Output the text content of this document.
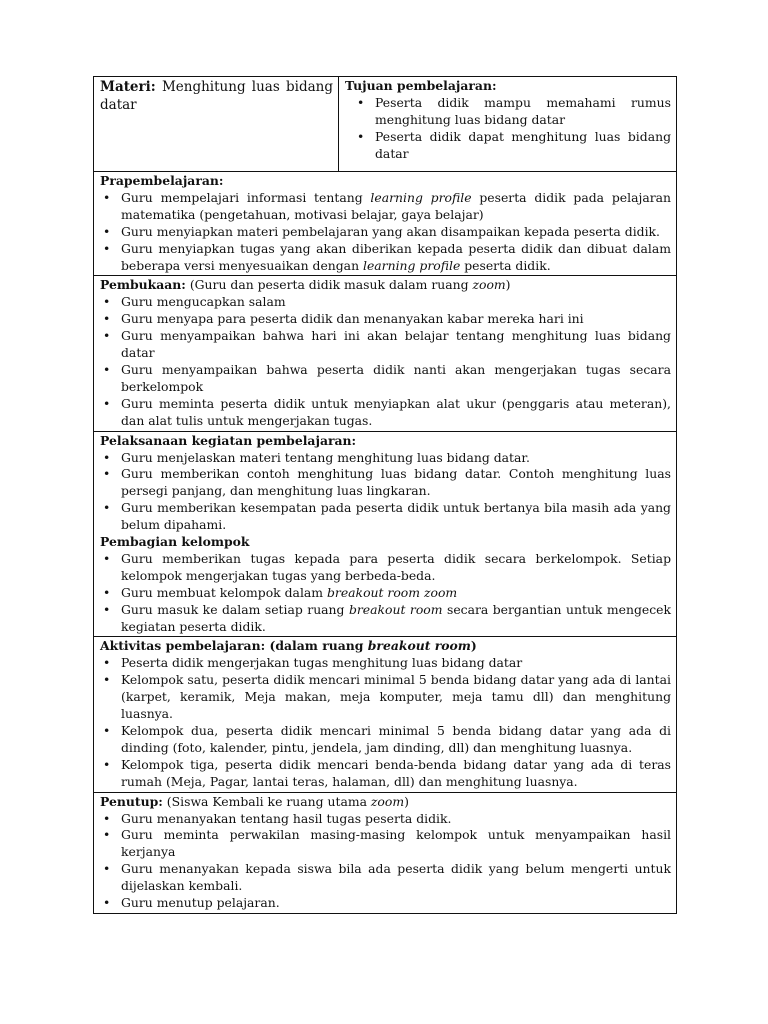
Materi: Menghitung luas bidang datar

Tujuan pembelajaran:
• Peserta didik mampu memahami rumus menghitung luas bidang datar
• Peserta didik dapat menghitung luas bidang datar

Prapembelajaran:
• Guru mempelajari informasi tentang learning profile peserta didik pada pelajaran matematika (pengetahuan, motivasi belajar, gaya belajar)
• Guru menyiapkan materi pembelajaran yang akan disampaikan kepada peserta didik.
• Guru menyiapkan tugas yang akan diberikan kepada peserta didik dan dibuat dalam beberapa versi menyesuaikan dengan learning profile peserta didik.

Pembukaan: (Guru dan peserta didik masuk dalam ruang zoom)
• Guru mengucapkan salam
• Guru menyapa para peserta didik dan menanyakan kabar mereka hari ini
• Guru menyampaikan bahwa hari ini akan belajar tentang menghitung luas bidang datar
• Guru menyampaikan bahwa peserta didik nanti akan mengerjakan tugas secara berkelompok
• Guru meminta peserta didik untuk menyiapkan alat ukur (penggaris atau meteran), dan alat tulis untuk mengerjakan tugas.

Pelaksanaan kegiatan pembelajaran:
• Guru menjelaskan materi tentang menghitung luas bidang datar.
• Guru memberikan contoh menghitung luas bidang datar. Contoh menghitung luas persegi panjang, dan menghitung luas lingkaran.
• Guru memberikan kesempatan pada peserta didik untuk bertanya bila masih ada yang belum dipahami.
Pembagian kelompok
• Guru memberikan tugas kepada para peserta didik secara berkelompok. Setiap kelompok mengerjakan tugas yang berbeda-beda.
• Guru membuat kelompok dalam breakout room zoom
• Guru masuk ke dalam setiap ruang breakout room secara bergantian untuk mengecek kegiatan peserta didik.

Aktivitas pembelajaran: (dalam ruang breakout room)
• Peserta didik mengerjakan tugas menghitung luas bidang datar
• Kelompok satu, peserta didik mencari minimal 5 benda bidang datar yang ada di lantai (karpet, keramik, Meja makan, meja komputer, meja tamu dll) dan menghitung luasnya.
• Kelompok dua, peserta didik mencari minimal 5 benda bidang datar yang ada di dinding (foto, kalender, pintu, jendela, jam dinding, dll) dan menghitung luasnya.
• Kelompok tiga, peserta didik mencari benda-benda bidang datar yang ada di teras rumah (Meja, Pagar, lantai teras, halaman, dll) dan menghitung luasnya.

Penutup: (Siswa Kembali ke ruang utama zoom)
• Guru menanyakan tentang hasil tugas peserta didik.
• Guru meminta perwakilan masing-masing kelompok untuk menyampaikan hasil kerjanya
• Guru menanyakan kepada siswa bila ada peserta didik yang belum mengerti untuk dijelaskan kembali.
• Guru menutup pelajaran.
